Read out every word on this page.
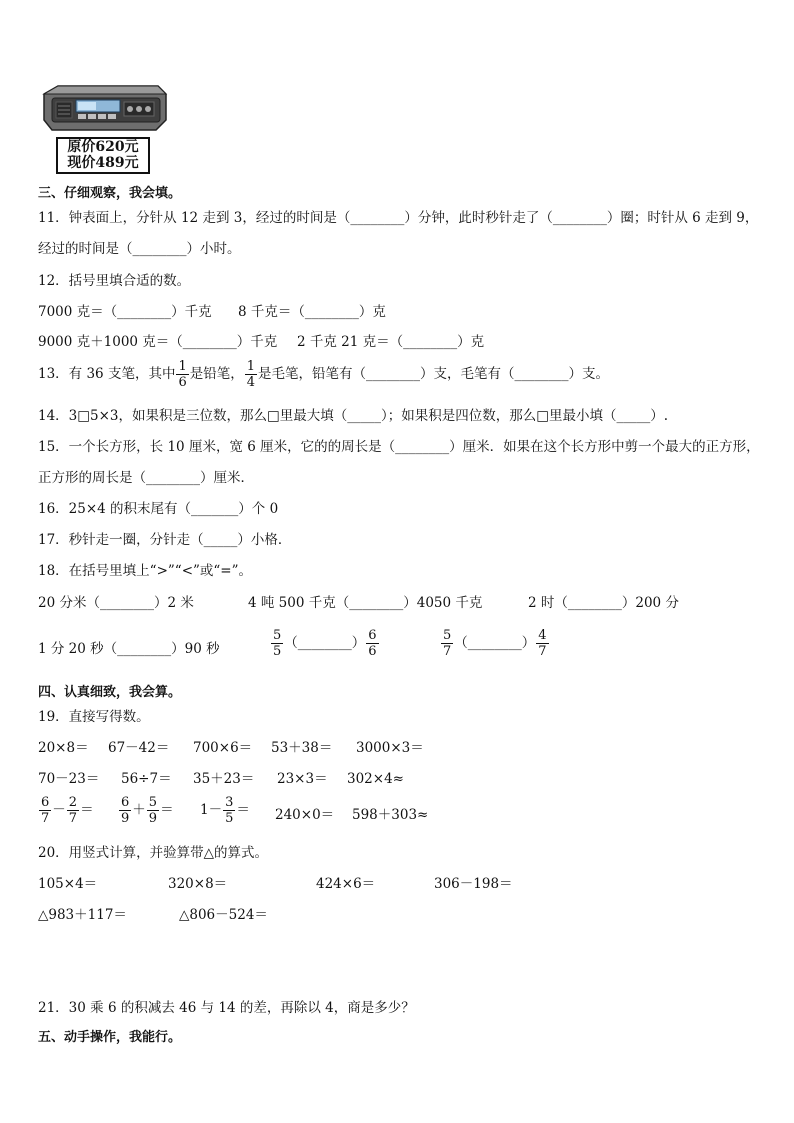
原价620元
现价489元
三、仔细观察，我会填。
11．钟表面上，分针从 12 走到 3，经过的时间是（________）分钟，此时秒针走了（________）圈；时针从 6 走到 9，
经过的时间是（________）小时。
12．括号里填合适的数。
7000 克＝（________）千克 8 千克＝（________）克
9000 克＋1000 克＝（________）千克 2 千克 21 克＝（________）克
13．有 36 支笔，其中 $\frac{1}{6}$ 是铅笔， $\frac{1}{4}$ 是毛笔，铅笔有（________）支，毛笔有（________）支。
14．3□5×3，如果积是三位数，那么□里最大填（_____）；如果积是四位数，那么□里最小填（_____）.
15．一个长方形，长 10 厘米，宽 6 厘米，它的的周长是（________）厘米．如果在这个长方形中剪一个最大的正方形，
正方形的周长是（________）厘米．
16．25×4 的积末尾有（_______）个 0
17．秒针走一圈，分针走（_____）小格．
18．在括号里填上“>”“<”或“=”。
20 分米（________）2 米	4 吨 500 千克（________）4050 千克	2 时（________）200 分
1 分 20 秒（________）90 秒	$\frac{5}{5}$ （________） $\frac{6}{6}$	$\frac{5}{7}$ （________） $\frac{4}{7}$
四、认真细致，我会算。
19．直接写得数。
20×8＝ 67－42＝ 700×6＝ 53＋38＝ 3000×3＝
70－23＝ 56÷7＝ 35＋23＝ 23×3＝ 302×4≈
$\frac{6}{7} - \frac{2}{7} = \frac{6}{9} + \frac{5}{9} = 1- \frac{3}{5} = 240\times 0= 598+303\approx$
20．用竖式计算，并验算带△的算式。
105×4＝	320×8＝	424×6＝	306－198＝
△983＋117＝	△806－524＝
21．30 乘 6 的积减去 46 与 14 的差，再除以 4，商是多少？
五、动手操作，我能行。
